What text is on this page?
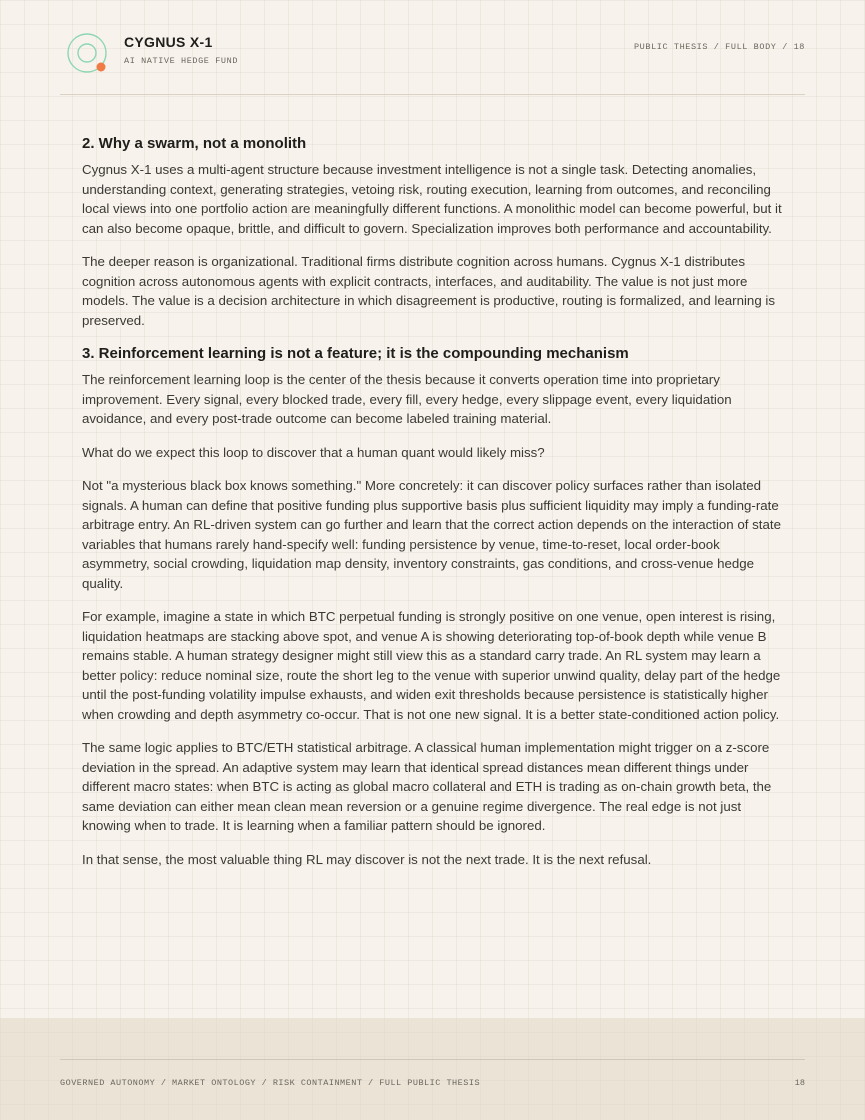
CYGNUS X-1
AI NATIVE HEDGE FUND
PUBLIC THESIS / FULL BODY / 18
2. Why a swarm, not a monolith

Cygnus X-1 uses a multi-agent structure because investment intelligence is not a single task. Detecting anomalies, understanding context, generating strategies, vetoing risk, routing execution, learning from outcomes, and reconciling local views into one portfolio action are meaningfully different functions. A monolithic model can become powerful, but it can also become opaque, brittle, and difficult to govern. Specialization improves both performance and accountability.

The deeper reason is organizational. Traditional firms distribute cognition across humans. Cygnus X-1 distributes cognition across autonomous agents with explicit contracts, interfaces, and auditability. The value is not just more models. The value is a decision architecture in which disagreement is productive, routing is formalized, and learning is preserved.

3. Reinforcement learning is not a feature; it is the compounding mechanism

The reinforcement learning loop is the center of the thesis because it converts operation time into proprietary improvement. Every signal, every blocked trade, every fill, every hedge, every slippage event, every liquidation avoidance, and every post-trade outcome can become labeled training material.

What do we expect this loop to discover that a human quant would likely miss?

Not "a mysterious black box knows something." More concretely: it can discover policy surfaces rather than isolated signals. A human can define that positive funding plus supportive basis plus sufficient liquidity may imply a funding-rate arbitrage entry. An RL-driven system can go further and learn that the correct action depends on the interaction of state variables that humans rarely hand-specify well: funding persistence by venue, time-to-reset, local order-book asymmetry, social crowding, liquidation map density, inventory constraints, gas conditions, and cross-venue hedge quality.

For example, imagine a state in which BTC perpetual funding is strongly positive on one venue, open interest is rising, liquidation heatmaps are stacking above spot, and venue A is showing deteriorating top-of-book depth while venue B remains stable. A human strategy designer might still view this as a standard carry trade. An RL system may learn a better policy: reduce nominal size, route the short leg to the venue with superior unwind quality, delay part of the hedge until the post-funding volatility impulse exhausts, and widen exit thresholds because persistence is statistically higher when crowding and depth asymmetry co-occur. That is not one new signal. It is a better state-conditioned action policy.

The same logic applies to BTC/ETH statistical arbitrage. A classical human implementation might trigger on a z-score deviation in the spread. An adaptive system may learn that identical spread distances mean different things under different macro states: when BTC is acting as global macro collateral and ETH is trading as on-chain growth beta, the same deviation can either mean clean mean reversion or a genuine regime divergence. The real edge is not just knowing when to trade. It is learning when a familiar pattern should be ignored.

In that sense, the most valuable thing RL may discover is not the next trade. It is the next refusal.

GOVERNED AUTONOMY / MARKET ONTOLOGY / RISK CONTAINMENT / FULL PUBLIC THESIS	18
